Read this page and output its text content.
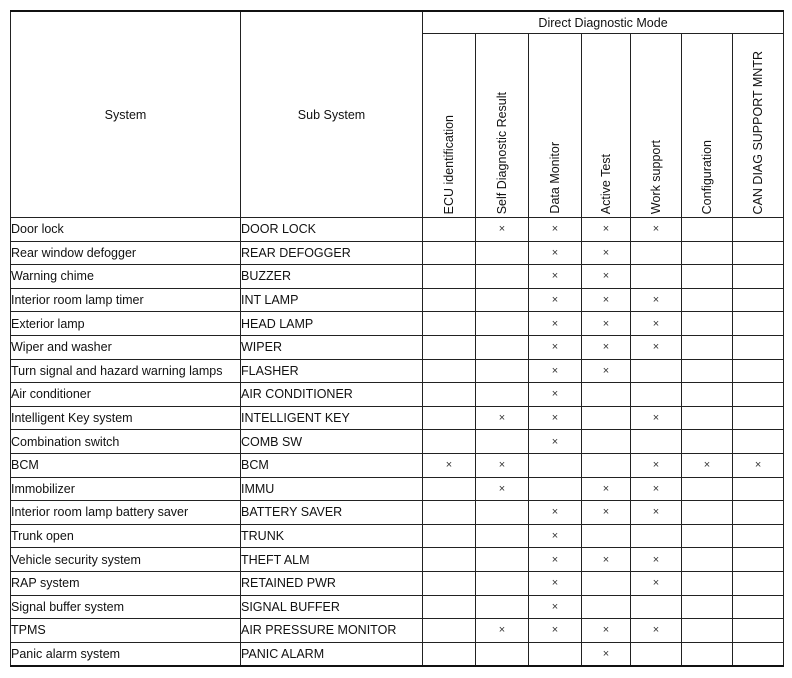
System	Sub System	Direct Diagnostic Mode						
		ECU identification	Self Diagnostic Result	Data Monitor	Active Test	Work support	Configuration	CAN DIAG SUPPORT MNTR
Door lock	DOOR LOCK		×	×	×	×		
Rear window defogger	REAR DEFOGGER			×	×			
Warning chime	BUZZER			×	×			
Interior room lamp timer	INT LAMP			×	×	×		
Exterior lamp	HEAD LAMP			×	×	×		
Wiper and washer	WIPER			×	×	×		
Turn signal and hazard warning lamps	FLASHER			×	×			
Air conditioner	AIR CONDITIONER			×				
Intelligent Key system	INTELLIGENT KEY		×	×		×		
Combination switch	COMB SW			×				
BCM	BCM	×	×			×	×	×
Immobilizer	IMMU		×		×	×		
Interior room lamp battery saver	BATTERY SAVER			×	×	×		
Trunk open	TRUNK			×				
Vehicle security system	THEFT ALM			×	×	×		
RAP system	RETAINED PWR			×		×		
Signal buffer system	SIGNAL BUFFER			×				
TPMS	AIR PRESSURE MONITOR		×	×	×	×		
Panic alarm system	PANIC ALARM				×			
